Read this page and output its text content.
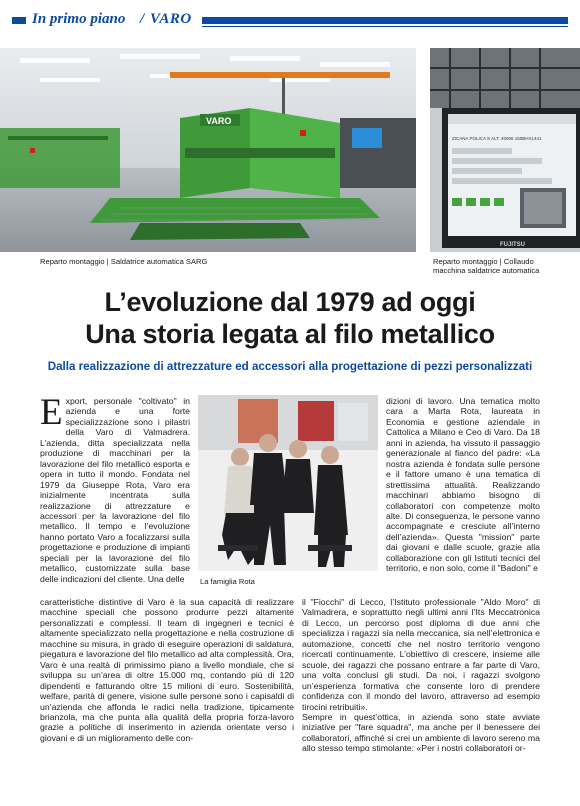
In primo piano / VARO
VARO
ZICANA POLICA S ALT: 40006 150BHX1441
FUJITSU
Reparto montaggio | Saldatrice automatica SARG	Reparto montaggio | Collaudo
macchina saldatrice automatica
L’evoluzione dal 1979 ad oggi
Una storia legata al filo metallico
Dalla realizzazione di attrezzature ed accessori alla progettazione di pezzi personalizzati
La famiglia Rota
Export, personale "coltivato" in azienda e una forte specializzazione sono i pilastri della Varo di Valmadrera. L’azienda, ditta specializzata nella produzione di macchinari per la lavorazione del filo metallico esporta e opera in tutto il mondo. Fondata nel 1979 da Giuseppe Rota, Varo era inizialmente incentrata sulla realizzazione di attrezzature e accessori per la lavorazione del filo metallico. Il tempo e l’evoluzione hanno portato Varo a focalizzarsi sulla progettazione e produzione di impianti speciali per la lavorazione del filo metallico, customizzate sulla base delle indicazioni del cliente. Una delle

caratteristiche distintive di Varo è la sua capacità di realizzare macchine speciali che possono produrre pezzi altamente personalizzati e complessi. Il team di ingegneri e tecnici è altamente specializzato nella progettazione e nella costruzione di macchine su misura, in grado di eseguire operazioni di saldatura, piegatura e lavorazione del filo metallico ad alta complessità. Ora, Varo è una realtà di primissimo piano a livello mondiale, che si sviluppa su un’area di oltre 15.000 mq, contando più di 120 dipendenti e fatturando oltre 15 milioni di euro. Sostenibilità, welfare, parità di genere, visione sulle persone sono i capisaldi di un’azienda che affonda le radici nella tradizione, tipicamente brianzola, ma che punta alla qualità della propria forza-lavoro grazie a politiche di inserimento in azienda orientate verso i giovani e di un miglioramento delle con-

dizioni di lavoro. Una tematica molto cara a Marta Rota, laureata in Economia e gestione aziendale in Cattolica a Milano e Ceo di Varo. Da 18 anni in azienda, ha vissuto il passaggio generazionale al fianco del padre: «La nostra azienda è fondata sulle persone e il fattore umano è una tematica di strettissima attualità. Realizzando macchinari abbiamo bisogno di collaboratori con competenze molto alte. Di conseguenza, le persone vanno accompagnate e cresciute all’interno dell’azienda». Questa "mission" parte dai giovani e dalle scuole, grazie alla collaborazione con gli Istituti tecnici del territorio, e non solo, come il "Badoni" e

il "Fiocchi" di Lecco, l’Istituto professionale "Aldo Moro" di Valmadrera, e soprattutto negli ultimi anni l’Its Meccatronica di Lecco, un percorso post diploma di due anni che specializza i ragazzi sia nella meccanica, sia nell’elettronica e automazione, concetti che nel nostro territorio vengono ricercati continuamente. L’obiettivo di crescere, insieme alle scuole, dei ragazzi che possano entrare a far parte di Varo, una volta conclusi gli studi. Da noi, i ragazzi svolgono un’esperienza formativa che consente loro di prendere confidenza con il mondo del lavoro, attraverso ad esempio tirocini retribuiti».

Sempre in quest’ottica, in azienda sono state avviate iniziative per "fare squadra", ma anche per il benessere dei collaboratori, affinché si crei un ambiente di lavoro sereno ma allo stesso tempo stimolante: «Per i nostri collaboratori or-
